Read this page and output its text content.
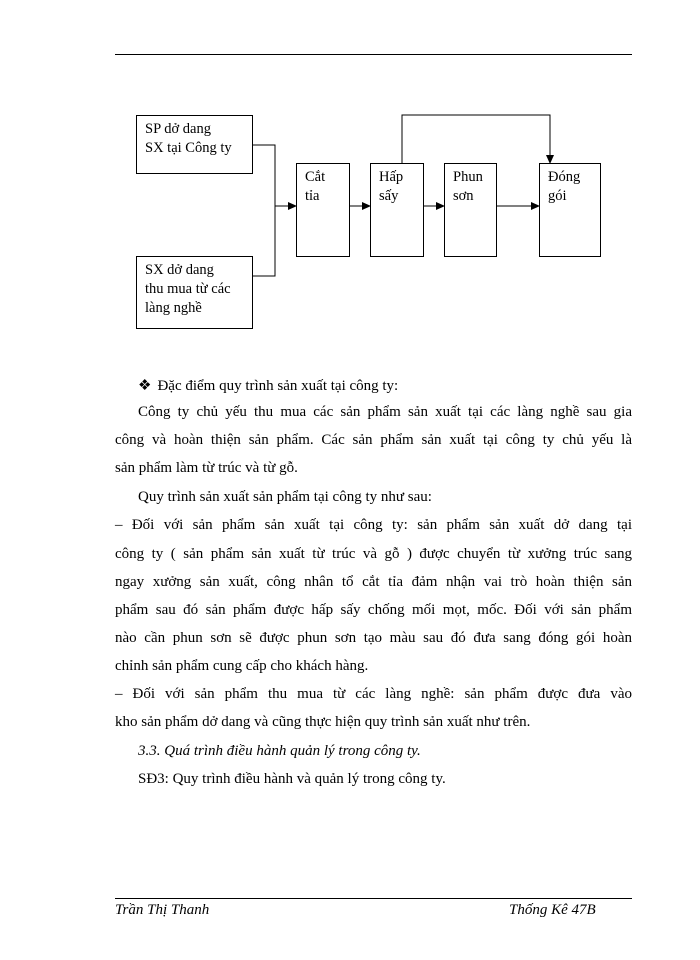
SP dở dang
SX tại Công ty
SX dở dang
thu mua từ các
làng nghề
Cắt
tỉa
Hấp
sấy
Phun
sơn
Đóng
gói
❖ Đặc điểm quy trình sản xuất tại công ty:
Công ty chủ yếu thu mua các sản phẩm sản xuất tại các làng nghề sau gia
công và hoàn thiện sản phẩm. Các sản phẩm sản xuất tại công ty chủ yếu là
sản phẩm làm từ trúc và từ gỗ.
Quy trình sản xuất sản phẩm tại công ty như sau:
– Đối với sản phẩm sản xuất tại công ty: sản phẩm sản xuất dở dang tại
công ty ( sản phẩm sản xuất từ trúc và gỗ ) được chuyển từ xưởng trúc sang
ngay xưởng sản xuất, công nhân tổ cắt tỉa đảm nhận vai trò hoàn thiện sản
phẩm sau đó sản phẩm được hấp sấy chống mối mọt, mốc. Đối với sản phẩm
nào cần phun sơn sẽ được phun sơn tạo màu sau đó đưa sang đóng gói hoàn
chỉnh sản phẩm cung cấp cho khách hàng.
– Đối với sản phẩm thu mua từ các làng nghề: sản phẩm được đưa vào
kho sản phẩm dở dang và cũng thực hiện quy trình sản xuất như trên.
3.3. Quá trình điều hành quản lý trong công ty.
SĐ3: Quy trình điều hành và quản lý trong công ty.
Trần Thị Thanh	Thống Kê 47B
